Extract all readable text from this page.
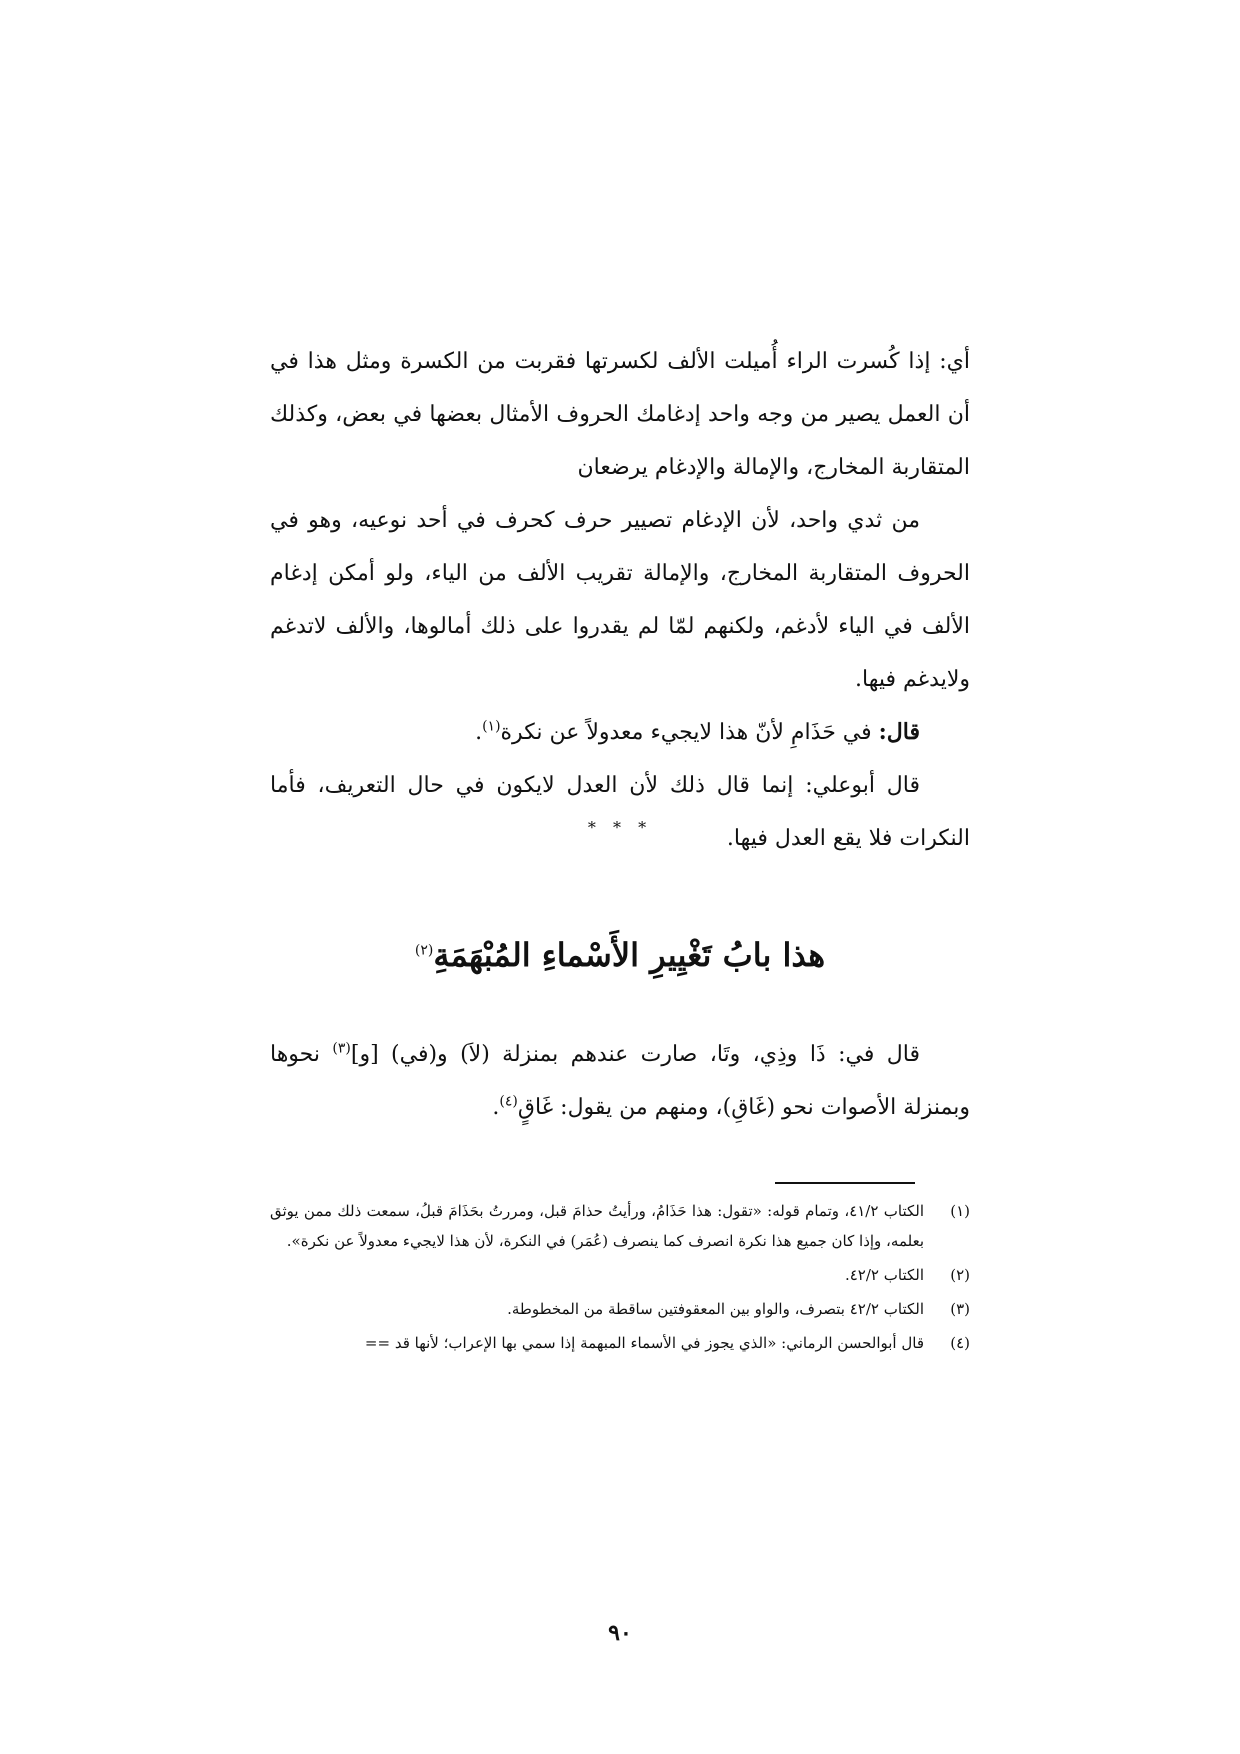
أي: إذا كُسرت الراء أُميلت الألف لكسرتها فقربت من الكسرة ومثل هذا في أن العمل يصير من وجه واحد إدغامك الحروف الأمثال بعضها في بعض، وكذلك المتقاربة المخارج، والإمالة والإدغام يرضعان

من ثدي واحد، لأن الإدغام تصيير حرف كحرف في أحد نوعيه، وهو في الحروف المتقاربة المخارج، والإمالة تقريب الألف من الياء، ولو أمكن إدغام الألف في الياء لأدغم، ولكنهم لمّا لم يقدروا على ذلك أمالوها، والألف لاتدغم ولايدغم فيها.

قال: في حَذَامِ لأنّ هذا لايجيء معدولاً عن نكرة$^{(١)}$.

قال أبوعلي: إنما قال ذلك لأن العدل لايكون في حال التعريف، فأما النكرات فلا يقع العدل فيها.

* * *
هذا بابُ تَغْيِيرِ الأَسْماءِ المُبْهَمَةِ$^{(٢)}$

قال في: ذَا وذِي، وتَا، صارت عندهم بمنزلة (لاَ) و(في) [و]$^{(٣)}$ نحوها وبمنزلة الأصوات نحو (غَاقِ)، ومنهم من يقول: غَاقٍ$^{(٤)}$.

(١)
الكتاب ٤١/٢، وتمام قوله: «تقول: هذا حَذَامُ، ورأيتُ حذامَ قبل، ومررتُ بحَذَامَ قبلُ، سمعت ذلك ممن يوثق بعلمه، وإذا كان جميع هذا نكرة انصرف كما ينصرف (عُمَر) في النكرة، لأن هذا لايجيء معدولاً عن نكرة».
(٢)
الكتاب ٤٢/٢.
(٣)
الكتاب ٤٢/٢ بتصرف، والواو بين المعقوفتين ساقطة من المخطوطة.
(٤)
قال أبوالحسن الرماني: «الذي يجوز في الأسماء المبهمة إذا سمي بها الإعراب؛ لأنها قد ==
٩٠
